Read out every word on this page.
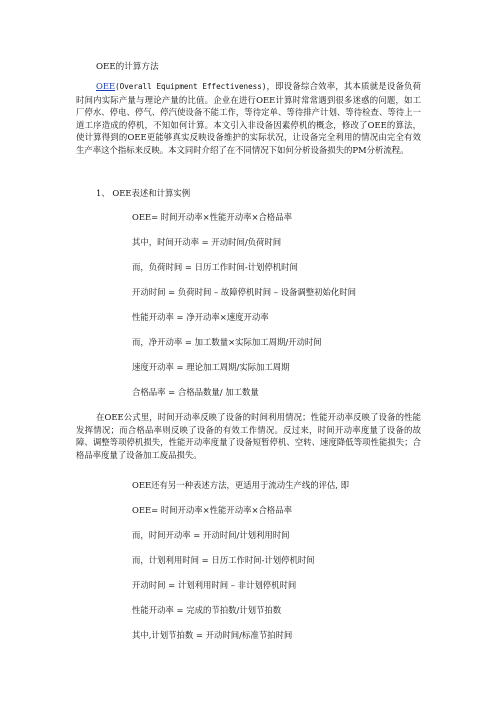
OEE的计算方法

OEE(Overall Equipment Effectiveness)，即设备综合效率，其本质就是设备负荷时间内实际产量与理论产量的比值。企业在进行OEE计算时常常遇到很多迷惑的问题，如工厂停水、停电、停气、停汽使设备不能工作，等待定单、等待排产计划、等待检查、等待上一道工序造成的停机，不知如何计算。本文引入非设备因素停机的概念，修改了OEE的算法，使计算得到的OEE更能够真实反映设备维护的实际状况，让设备完全利用的情况由完全有效生产率这个指标来反映。本文同时介绍了在不同情况下如何分析设备损失的PM分析流程。

1、 OEE表述和计算实例
OEE= 时间开动率×性能开动率×合格品率
其中，时间开动率 = 开动时间/负荷时间
而，负荷时间 = 日历工作时间-计划停机时间
开动时间 = 负荷时间 – 故障停机时间 – 设备调整初始化时间
性能开动率 = 净开动率×速度开动率
而，净开动率 = 加工数量×实际加工周期/开动时间
速度开动率 = 理论加工周期/实际加工周期
合格品率 = 合格品数量/ 加工数量

在OEE公式里，时间开动率反映了设备的时间利用情况；性能开动率反映了设备的性能发挥情况；而合格品率则反映了设备的有效工作情况。反过来，时间开动率度量了设备的故障、调整等项停机损失，性能开动率度量了设备短暂停机、空转、速度降低等项性能损失；合格品率度量了设备加工废品损失。

OEE还有另一种表述方法，更适用于流动生产线的评估, 即
OEE= 时间开动率×性能开动率×合格品率
而，时间开动率 = 开动时间/计划利用时间
而，计划利用时间 = 日历工作时间-计划停机时间
开动时间 = 计划利用时间 – 非计划停机时间
性能开动率 = 完成的节拍数/计划节拍数
其中,计划节拍数 = 开动时间/标准节拍时间
